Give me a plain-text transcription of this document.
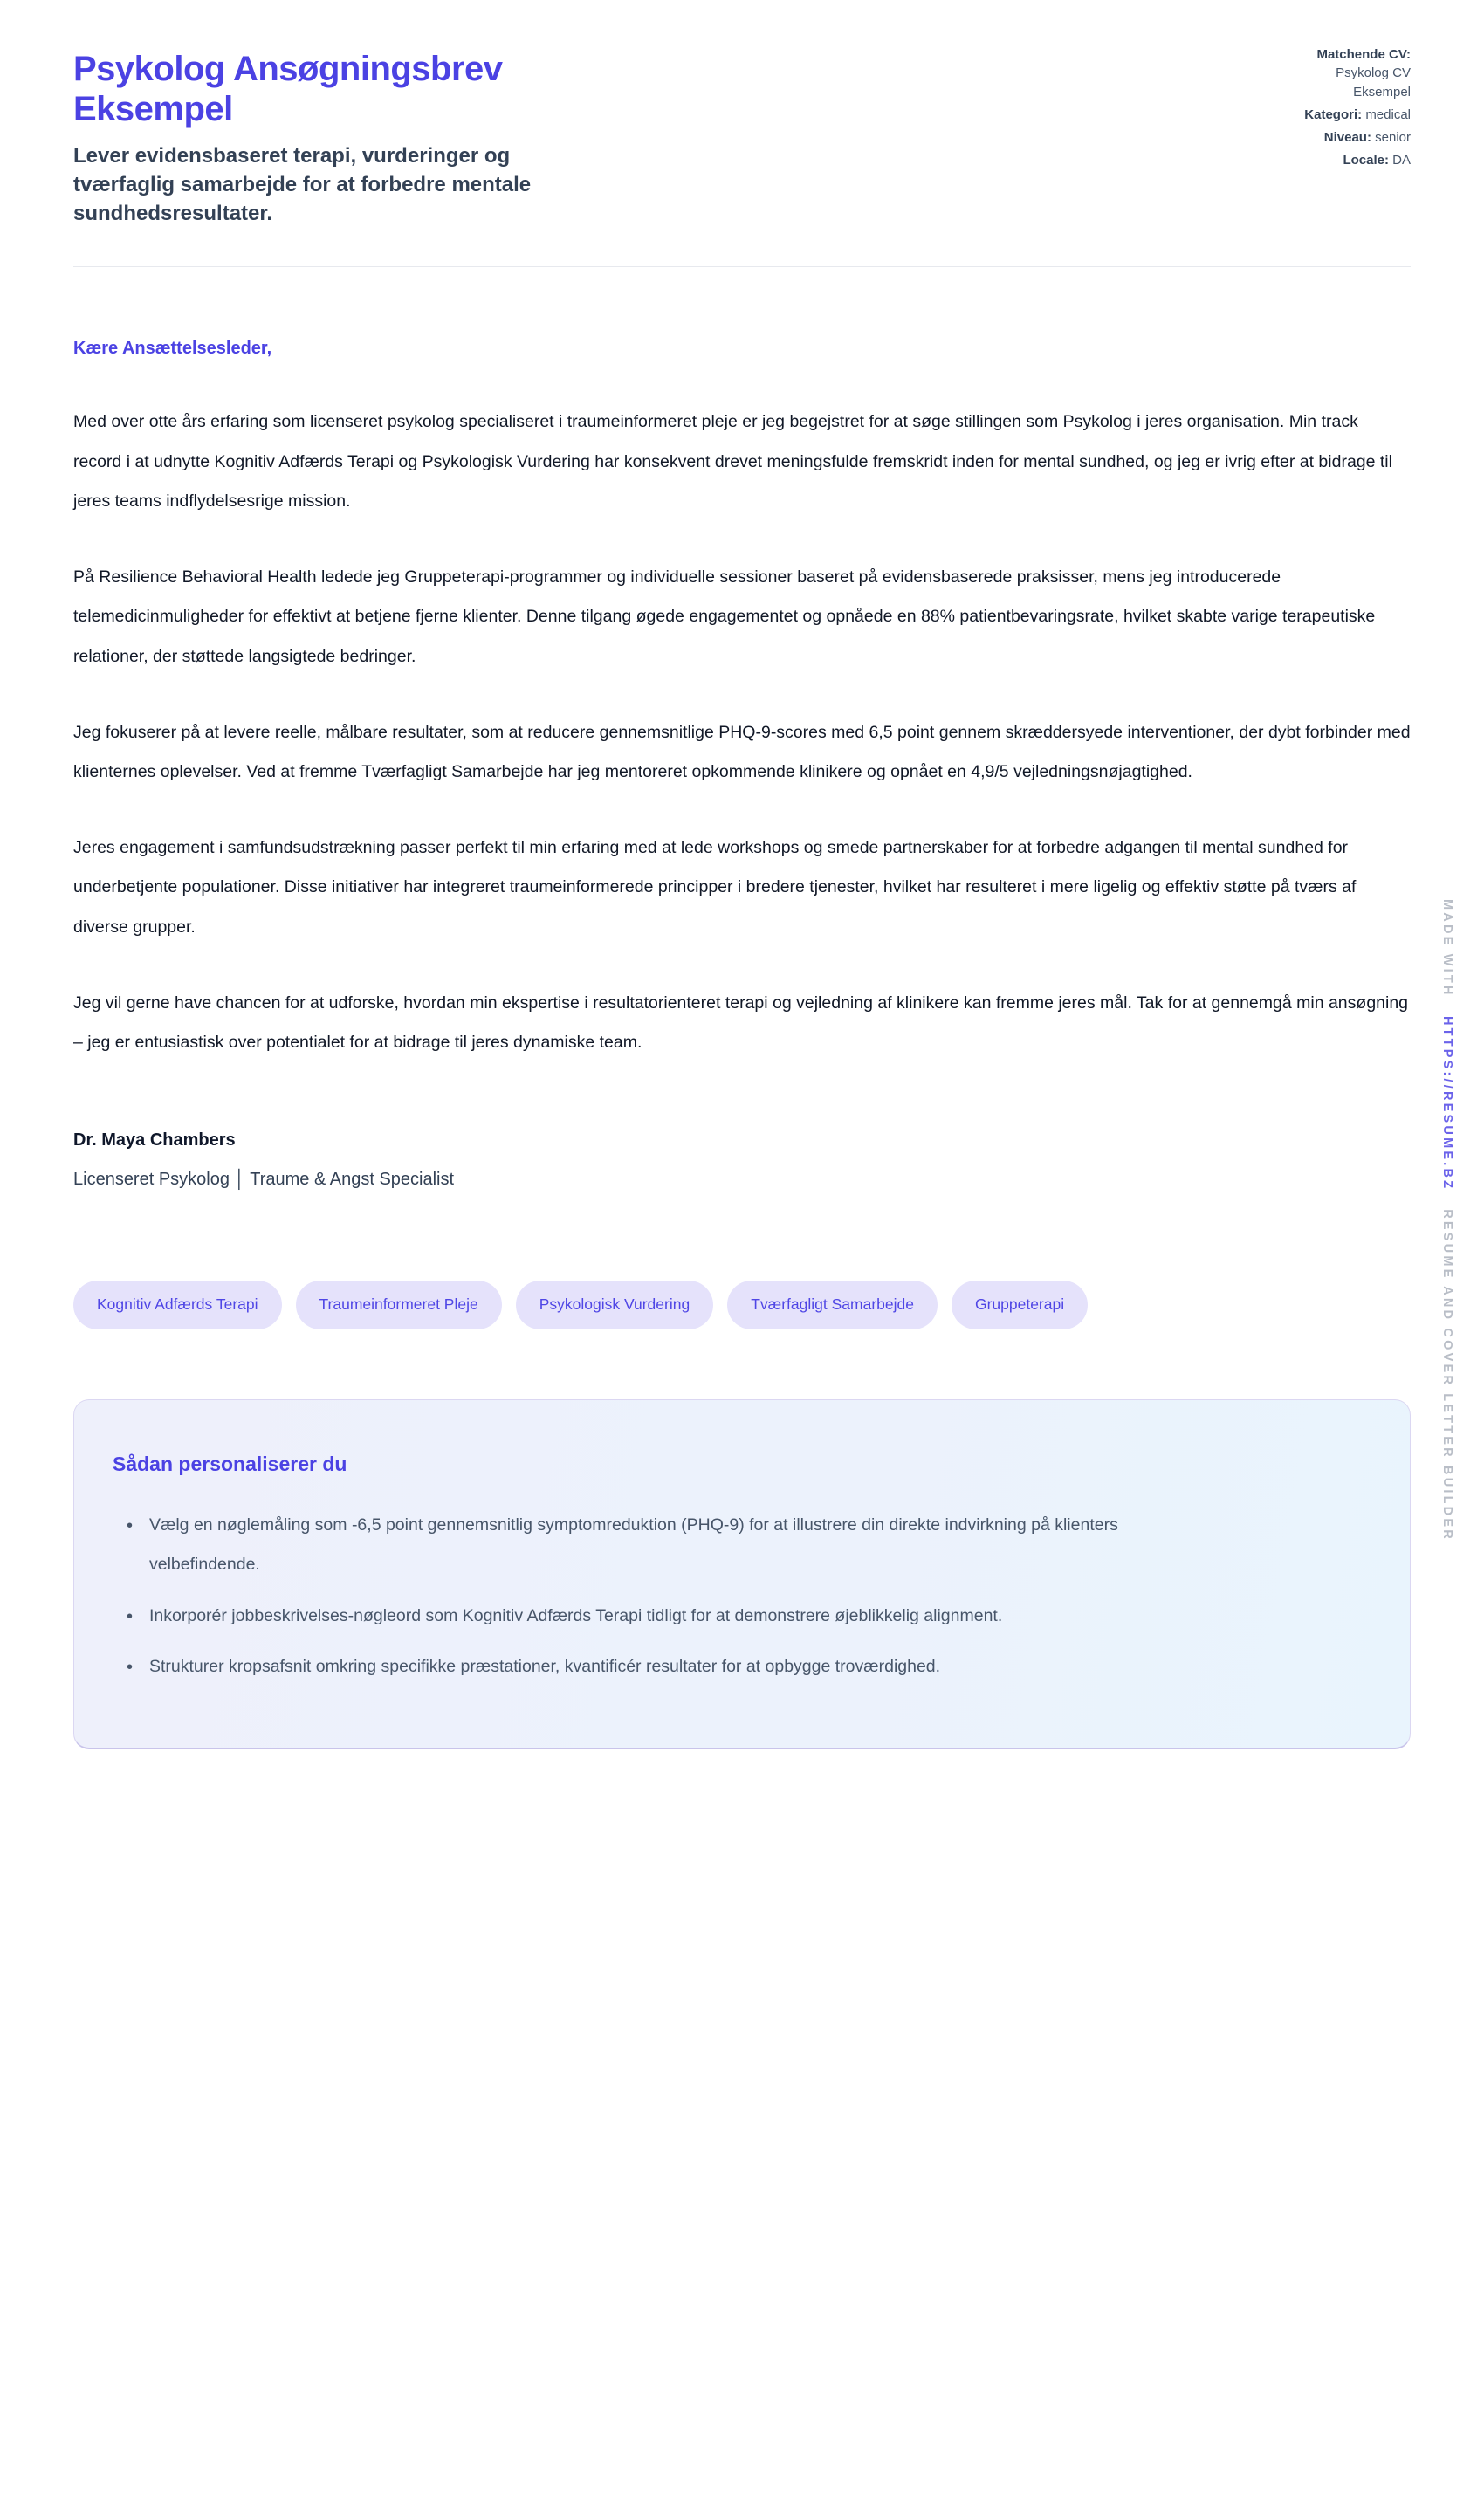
Psykolog Ansøgningsbrev Eksempel
Lever evidensbaseret terapi, vurderinger og tværfaglig samarbejde for at forbedre mentale sundhedsresultater.
Matchende CV: Psykolog CV Eksempel
Kategori: medical
Niveau: senior
Locale: DA
Kære Ansættelsesleder,

Med over otte års erfaring som licenseret psykolog specialiseret i traumeinformeret pleje er jeg begejstret for at søge stillingen som Psykolog i jeres organisation. Min track record i at udnytte Kognitiv Adfærds Terapi og Psykologisk Vurdering har konsekvent drevet meningsfulde fremskridt inden for mental sundhed, og jeg er ivrig efter at bidrage til jeres teams indflydelsesrige mission.

På Resilience Behavioral Health ledede jeg Gruppeterapi-programmer og individuelle sessioner baseret på evidensbaserede praksisser, mens jeg introducerede telemedicinmuligheder for effektivt at betjene fjerne klienter. Denne tilgang øgede engagementet og opnåede en 88% patientbevaringsrate, hvilket skabte varige terapeutiske relationer, der støttede langsigtede bedringer.

Jeg fokuserer på at levere reelle, målbare resultater, som at reducere gennemsnitlige PHQ-9-scores med 6,5 point gennem skræddersyede interventioner, der dybt forbinder med klienternes oplevelser. Ved at fremme Tværfagligt Samarbejde har jeg mentoreret opkommende klinikere og opnået en 4,9/5 vejledningsnøjagtighed.

Jeres engagement i samfundsudstrækning passer perfekt til min erfaring med at lede workshops og smede partnerskaber for at forbedre adgangen til mental sundhed for underbetjente populationer. Disse initiativer har integreret traumeinformerede principper i bredere tjenester, hvilket har resulteret i mere ligelig og effektiv støtte på tværs af diverse grupper.

Jeg vil gerne have chancen for at udforske, hvordan min ekspertise i resultatorienteret terapi og vejledning af klinikere kan fremme jeres mål. Tak for at gennemgå min ansøgning – jeg er entusiastisk over potentialet for at bidrage til jeres dynamiske team.

Dr. Maya Chambers
Licenseret Psykolog │ Traume & Angst Specialist
Kognitiv Adfærds Terapi	Traumeinformeret Pleje	Psykologisk Vurdering	Tværfagligt Samarbejde	Gruppeterapi
Sådan personaliserer du
• Vælg en nøglemåling som -6,5 point gennemsnitlig symptomreduktion (PHQ-9) for at illustrere din direkte indvirkning på klienters velbefindende.
• Inkorporér jobbeskrivelses-nøgleord som Kognitiv Adfærds Terapi tidligt for at demonstrere øjeblikkelig alignment.
• Strukturer kropsafsnit omkring specifikke præstationer, kvantificér resultater for at opbygge troværdighed.
MADE WITH HTTPS://RESUME.BZ RESUME AND COVER LETTER BUILDER
